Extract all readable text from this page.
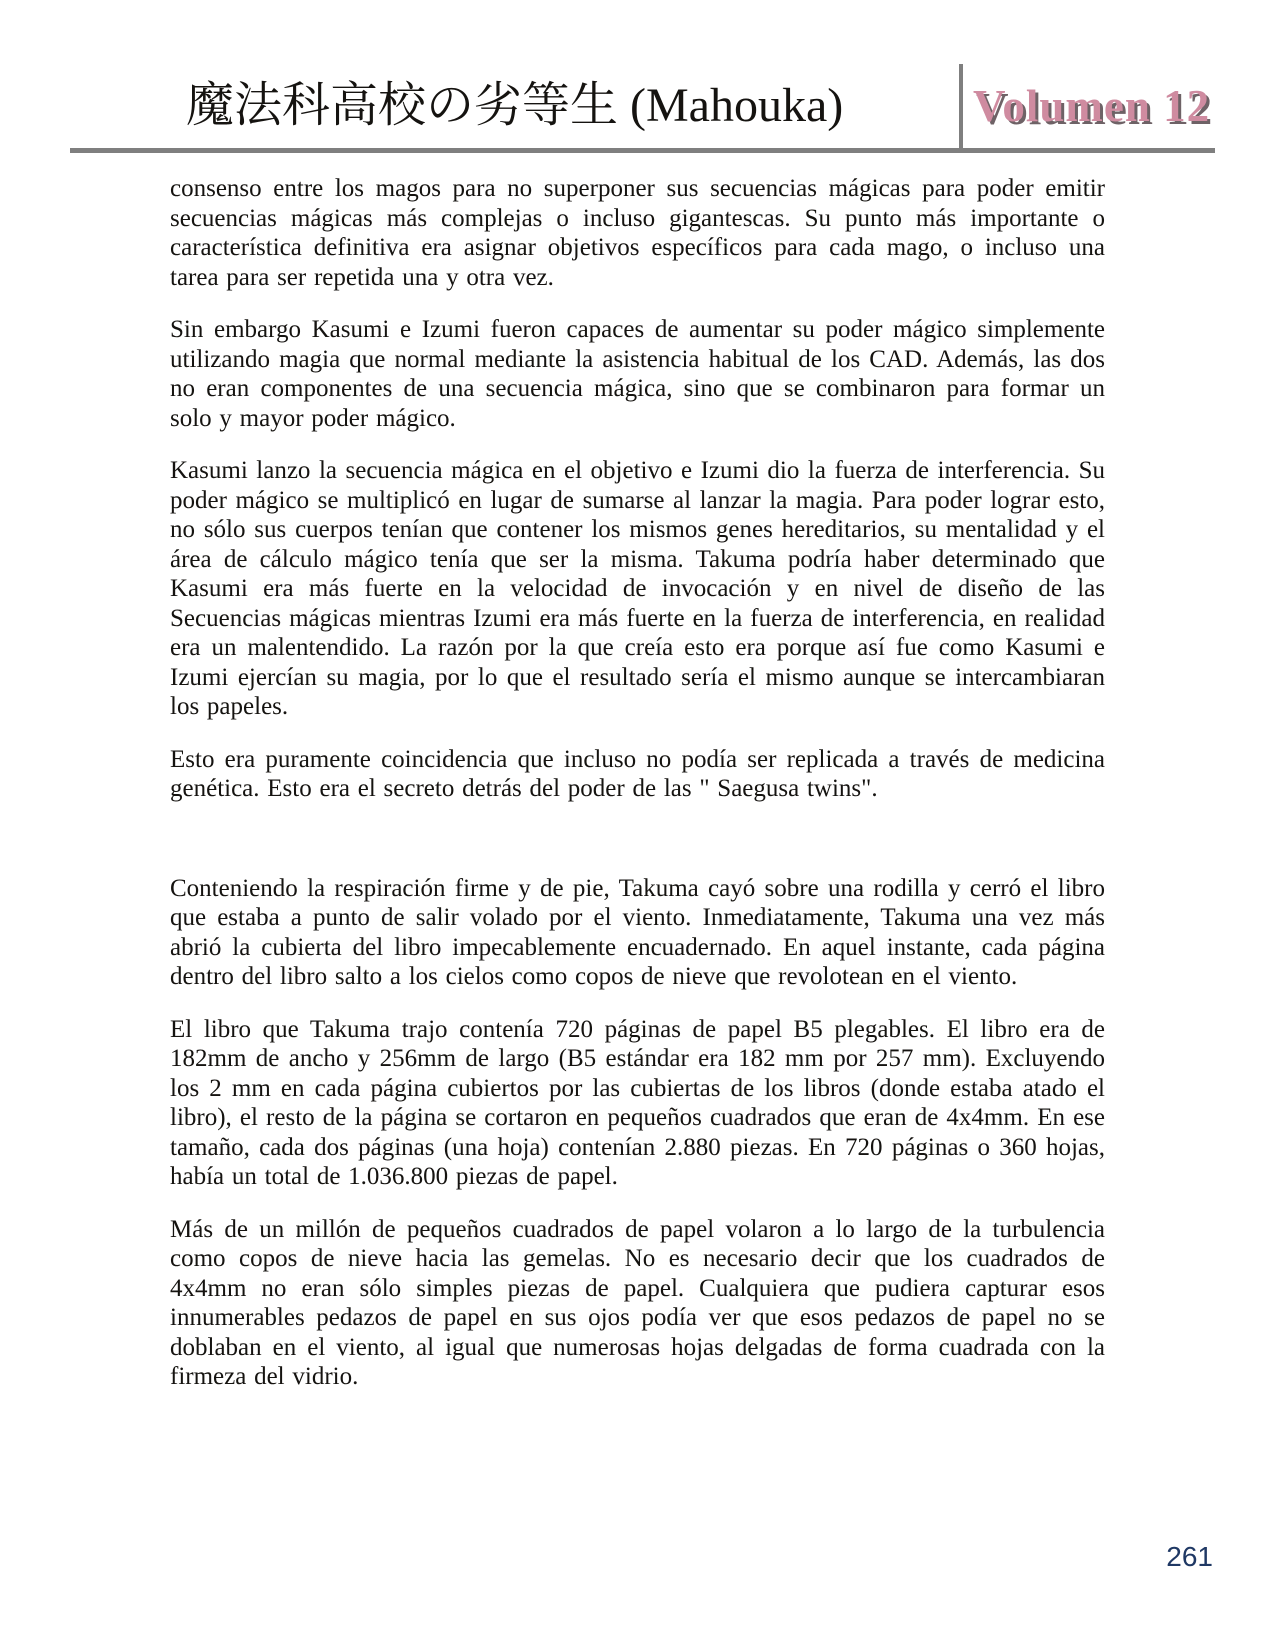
魔法科高校の劣等生 (Mahouka)	Volumen 12

consenso entre los magos para no superponer sus secuencias mágicas para poder emitir secuencias mágicas más complejas o incluso gigantescas. Su punto más importante o característica definitiva era asignar objetivos específicos para cada mago, o incluso una tarea para ser repetida una y otra vez.

Sin embargo Kasumi e Izumi fueron capaces de aumentar su poder mágico simplemente utilizando magia que normal mediante la asistencia habitual de los CAD. Además, las dos no eran componentes de una secuencia mágica, sino que se combinaron para formar un solo y mayor poder mágico.

Kasumi lanzo la secuencia mágica en el objetivo e Izumi dio la fuerza de interferencia. Su poder mágico se multiplicó en lugar de sumarse al lanzar la magia. Para poder lograr esto, no sólo sus cuerpos tenían que contener los mismos genes hereditarios, su mentalidad y el área de cálculo mágico tenía que ser la misma. Takuma podría haber determinado que Kasumi era más fuerte en la velocidad de invocación y en nivel de diseño de las Secuencias mágicas mientras Izumi era más fuerte en la fuerza de interferencia, en realidad era un malentendido. La razón por la que creía esto era porque así fue como Kasumi e Izumi ejercían su magia, por lo que el resultado sería el mismo aunque se intercambiaran los papeles.

Esto era puramente coincidencia que incluso no podía ser replicada a través de medicina genética. Esto era el secreto detrás del poder de las " Saegusa twins".

Conteniendo la respiración firme y de pie, Takuma cayó sobre una rodilla y cerró el libro que estaba a punto de salir volado por el viento. Inmediatamente, Takuma una vez más abrió la cubierta del libro impecablemente encuadernado. En aquel instante, cada página dentro del libro salto a los cielos como copos de nieve que revolotean en el viento.

El libro que Takuma trajo contenía 720 páginas de papel B5 plegables. El libro era de 182mm de ancho y 256mm de largo (B5 estándar era 182 mm por 257 mm). Excluyendo los 2 mm en cada página cubiertos por las cubiertas de los libros (donde estaba atado el libro), el resto de la página se cortaron en pequeños cuadrados que eran de 4x4mm. En ese tamaño, cada dos páginas (una hoja) contenían 2.880 piezas. En 720 páginas o 360 hojas, había un total de 1.036.800 piezas de papel.

Más de un millón de pequeños cuadrados de papel volaron a lo largo de la turbulencia como copos de nieve hacia las gemelas. No es necesario decir que los cuadrados de 4x4mm no eran sólo simples piezas de papel. Cualquiera que pudiera capturar esos innumerables pedazos de papel en sus ojos podía ver que esos pedazos de papel no se doblaban en el viento, al igual que numerosas hojas delgadas de forma cuadrada con la firmeza del vidrio.

261
